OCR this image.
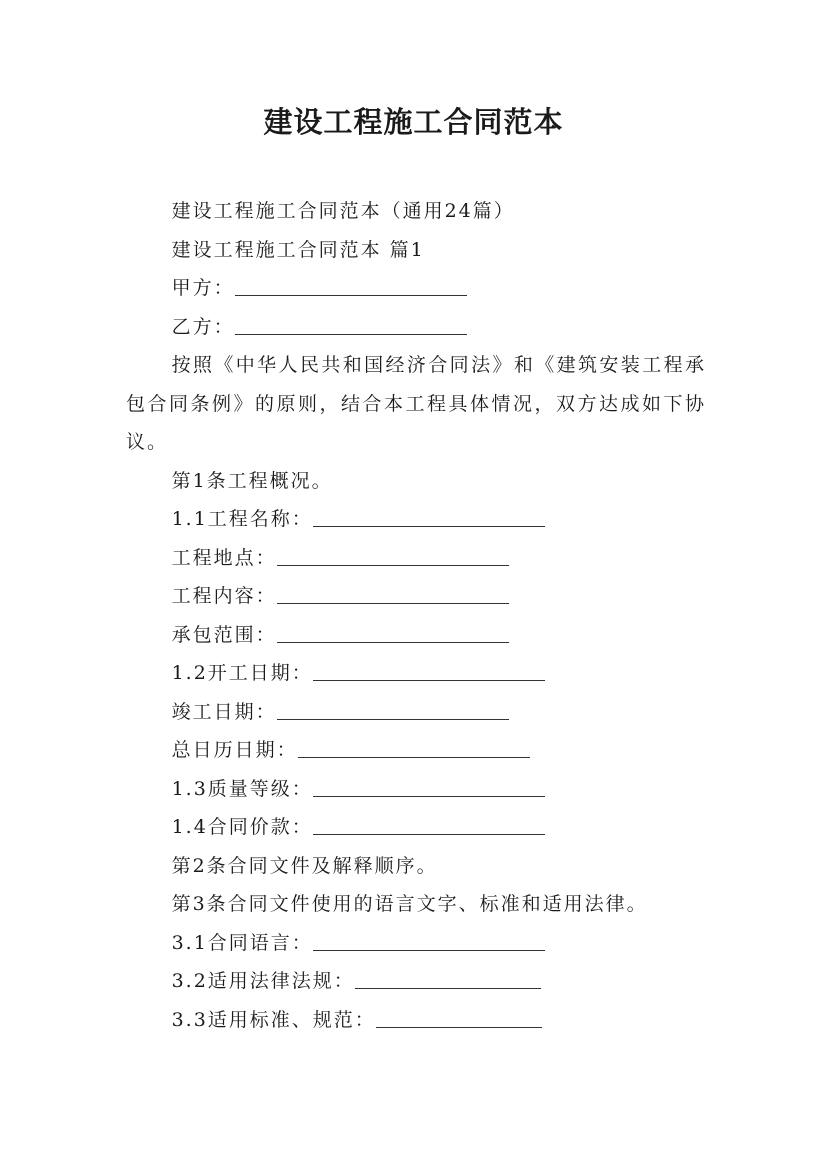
建设工程施工合同范本

建设工程施工合同范本（通用24篇）

建设工程施工合同范本 篇1

甲方：

乙方：

按照《中华人民共和国经济合同法》和《建筑安装工程承包合同条例》的原则，结合本工程具体情况，双方达成如下协议。

第1条工程概况。

1.1工程名称：

工程地点：

工程内容：

承包范围：

1.2开工日期：

竣工日期：

总日历日期：

1.3质量等级：

1.4合同价款：

第2条合同文件及解释顺序。

第3条合同文件使用的语言文字、标准和适用法律。

3.1合同语言：

3.2适用法律法规：

3.3适用标准、规范：
